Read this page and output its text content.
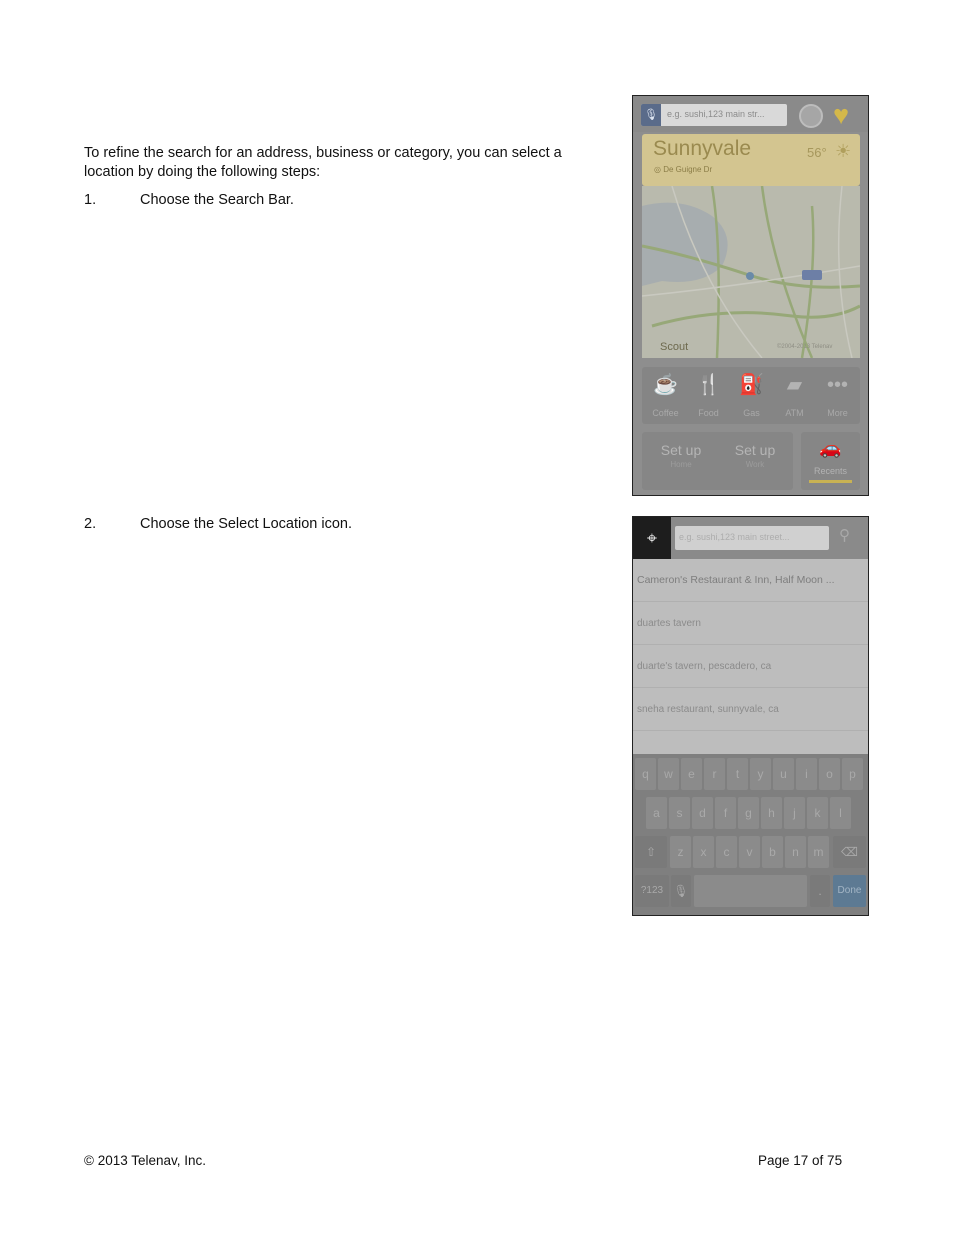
To refine the search for an address, business or category, you can select a location by doing the following steps:

1.	Choose the Search Bar.
2.	Choose the Select Location icon.
🎙	e.g. sushi,123 main str...	♥
Sunnyvale
◎ De Guigne Dr
56° ☀
Scout	©2004-2013 Telenav
☕
Coffee
🍴
Food
⛽
Gas
▰
ATM
•••
More
Set up
Home
Set up
Work
🚗
Recents
⌖	e.g. sushi,123 main street...	⚲
Cameron's Restaurant & Inn, Half Moon ...
duartes tavern
duarte's tavern, pescadero, ca
sneha restaurant, sunnyvale, ca
q	w	e	r	t	y	u	i	o	p
a	s	d	f	g	h	j	k	l
⇧	z	x	c	v	b	n	m	⌫
?123 🎙	.	Done
© 2013 Telenav, Inc.	Page 17 of 75
